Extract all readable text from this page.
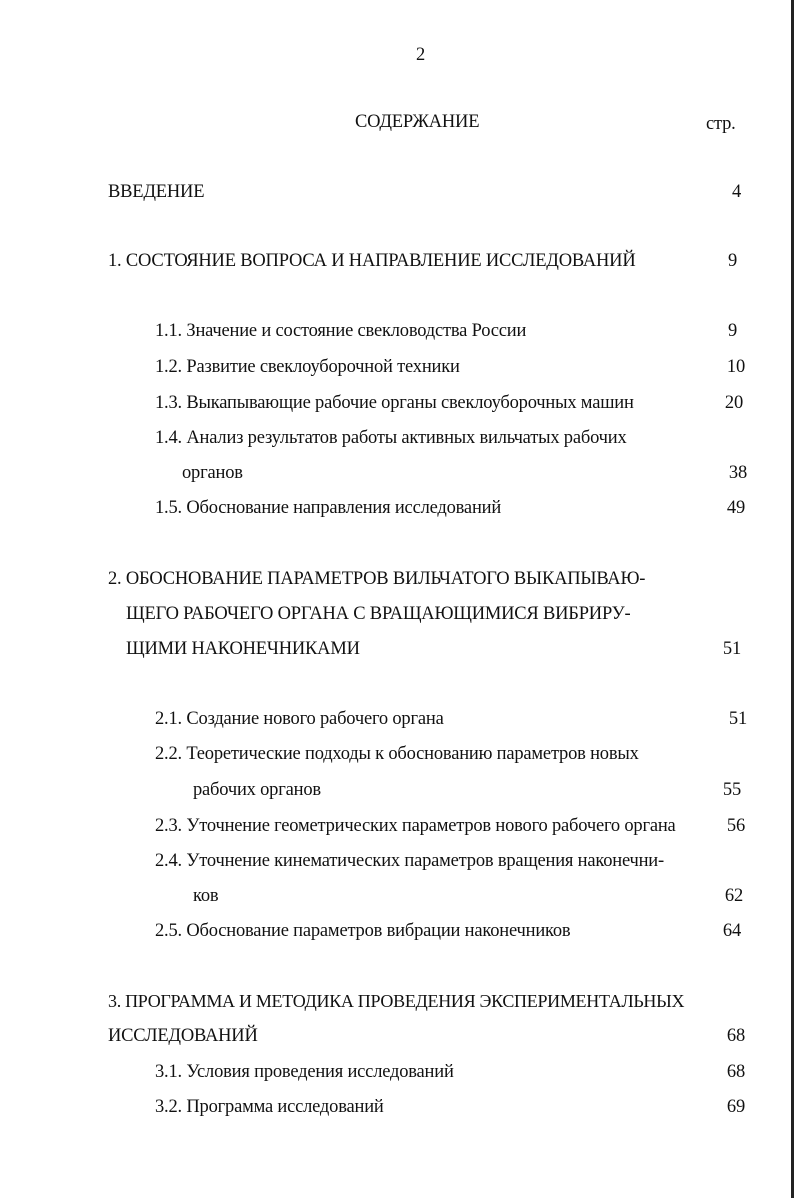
2
СОДЕРЖАНИЕ	стр.
ВВЕДЕНИЕ	4
1. СОСТОЯНИЕ ВОПРОСА И НАПРАВЛЕНИЕ ИССЛЕДОВАНИЙ	9
1.1. Значение и состояние свекловодства России	9
1.2. Развитие свеклоуборочной техники	10
1.3. Выкапывающие рабочие органы свеклоуборочных машин	20
1.4. Анализ результатов работы активных вильчатых рабочих
органов	38
1.5. Обоснование направления исследований	49
2. ОБОСНОВАНИЕ ПАРАМЕТРОВ ВИЛЬЧАТОГО ВЫКАПЫВАЮ-
ЩЕГО РАБОЧЕГО ОРГАНА С ВРАЩАЮЩИМИСЯ ВИБРИРУ-
ЩИМИ НАКОНЕЧНИКАМИ	51
2.1. Создание нового рабочего органа	51
2.2. Теоретические подходы к обоснованию параметров новых
рабочих органов	55
2.3. Уточнение геометрических параметров нового рабочего органа	56
2.4. Уточнение кинематических параметров вращения наконечни-
ков	62
2.5. Обоснование параметров вибрации наконечников	64
3. ПРОГРАММА И МЕТОДИКА ПРОВЕДЕНИЯ ЭКСПЕРИМЕНТАЛЬНЫХ
ИССЛЕДОВАНИЙ	68
3.1. Условия проведения исследований	68
3.2. Программа исследований	69
